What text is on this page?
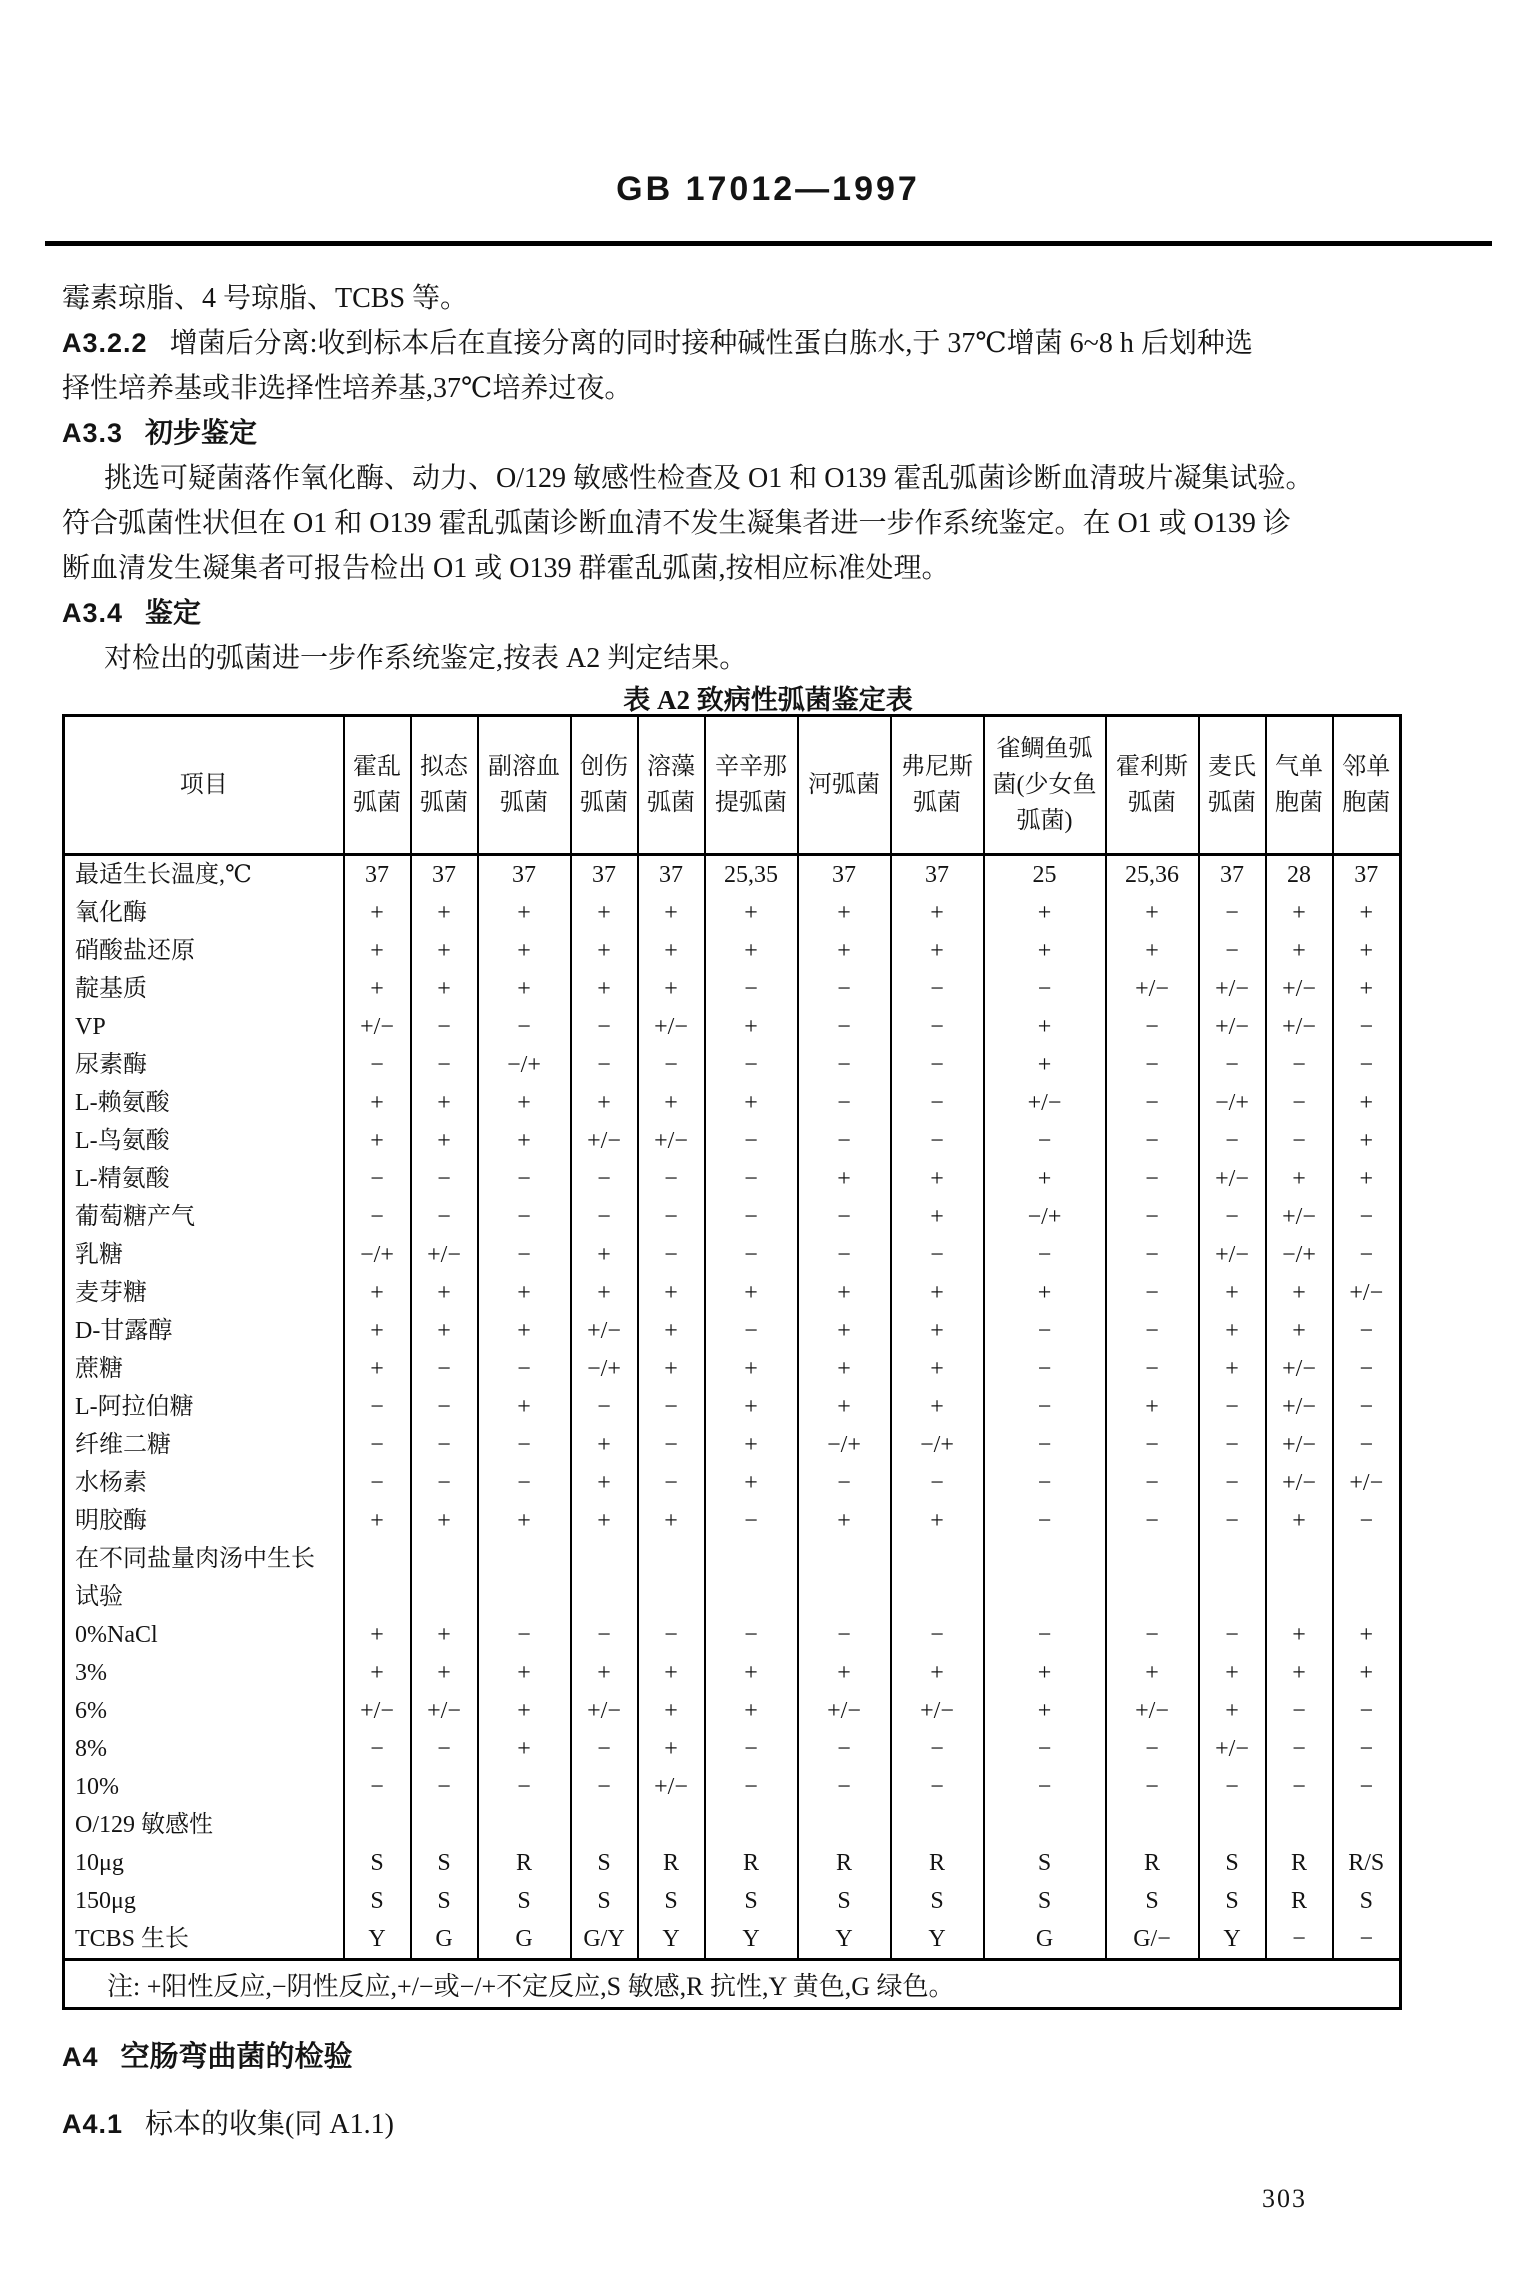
GB 17012—1997
霉素琼脂、4 号琼脂、TCBS 等。
A3.2.2 增菌后分离:收到标本后在直接分离的同时接种碱性蛋白胨水,于 37℃增菌 6~8 h 后划种选
择性培养基或非选择性培养基,37℃培养过夜。
A3.3 初步鉴定
挑选可疑菌落作氧化酶、动力、O/129 敏感性检查及 O1 和 O139 霍乱弧菌诊断血清玻片凝集试验。
符合弧菌性状但在 O1 和 O139 霍乱弧菌诊断血清不发生凝集者进一步作系统鉴定。在 O1 或 O139 诊
断血清发生凝集者可报告检出 O1 或 O139 群霍乱弧菌,按相应标准处理。
A3.4 鉴定
对检出的弧菌进一步作系统鉴定,按表 A2 判定结果。
表 A2 致病性弧菌鉴定表
项目	霍乱弧菌	拟态弧菌	副溶血弧菌	创伤弧菌	溶藻弧菌	辛辛那提弧菌	河弧菌	弗尼斯弧菌	雀鲷鱼弧菌(少女鱼弧菌)	霍利斯弧菌	麦氏弧菌	气单胞菌	邻单胞菌
最适生长温度,℃	37	37	37	37	37	25,35	37	37	25	25,36	37	28	37
氧化酶	+	+	+	+	+	+	+	+	+	+	−	+	+
硝酸盐还原	+	+	+	+	+	+	+	+	+	+	−	+	+
靛基质	+	+	+	+	+	−	−	−	−	+/−	+/−	+/−	+
VP	+/−	−	−	−	+/−	+	−	−	+	−	+/−	+/−	−
尿素酶	−	−	−/+	−	−	−	−	−	+	−	−	−	−
L-赖氨酸	+	+	+	+	+	+	−	−	+/−	−	−/+	−	+
L-鸟氨酸	+	+	+	+/−	+/−	−	−	−	−	−	−	−	+
L-精氨酸	−	−	−	−	−	−	+	+	+	−	+/−	+	+
葡萄糖产气	−	−	−	−	−	−	−	+	−/+	−	−	+/−	−
乳糖	−/+	+/−	−	+	−	−	−	−	−	−	+/−	−/+	−
麦芽糖	+	+	+	+	+	+	+	+	+	−	+	+	+/−
D-甘露醇	+	+	+	+/−	+	−	+	+	−	−	+	+	−
蔗糖	+	−	−	−/+	+	+	+	+	−	−	+	+/−	−
L-阿拉伯糖	−	−	+	−	−	+	+	+	−	+	−	+/−	−
纤维二糖	−	−	−	+	−	+	−/+	−/+	−	−	−	+/−	−
水杨素	−	−	−	+	−	+	−	−	−	−	−	+/−	+/−
明胶酶	+	+	+	+	+	−	+	+	−	−	−	+	−
在不同盐量肉汤中生长													
试验													
0%NaCl	+	+	−	−	−	−	−	−	−	−	−	+	+
3%	+	+	+	+	+	+	+	+	+	+	+	+	+
6%	+/−	+/−	+	+/−	+	+	+/−	+/−	+	+/−	+	−	−
8%	−	−	+	−	+	−	−	−	−	−	+/−	−	−
10%	−	−	−	−	+/−	−	−	−	−	−	−	−	−
O/129 敏感性													
10μg	S	S	R	S	R	R	R	R	S	R	S	R	R/S
150μg	S	S	S	S	S	S	S	S	S	S	S	R	S
TCBS 生长	Y	G	G	G/Y	Y	Y	Y	Y	G	G/−	Y	−	−
注: +阳性反应,−阴性反应,+/−或−/+不定反应,S 敏感,R 抗性,Y 黄色,G 绿色。													
A4 空肠弯曲菌的检验
A4.1 标本的收集(同 A1.1)
303
